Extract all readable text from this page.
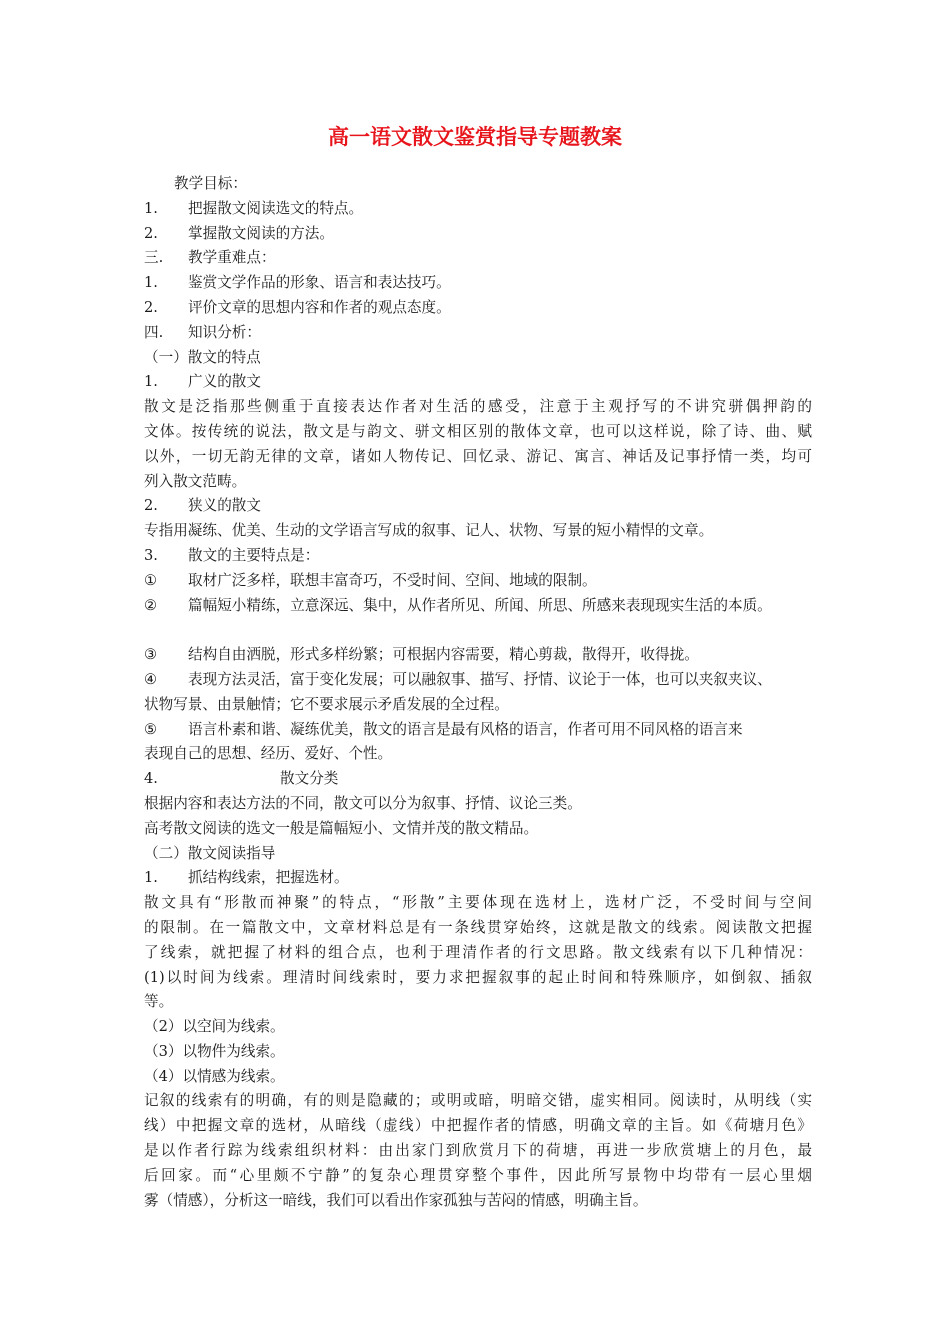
高一语文散文鉴赏指导专题教案
教学目标：
1. 把握散文阅读选文的特点。
2. 掌握散文阅读的方法。
三. 教学重难点：
1. 鉴赏文学作品的形象、语言和表达技巧。
2. 评价文章的思想内容和作者的观点态度。
四. 知识分析：
（一）散文的特点
1. 广义的散文
散文是泛指那些侧重于直接表达作者对生活的感受，注意于主观抒写的不讲究骈偶押韵的
文体。按传统的说法，散文是与韵文、骈文相区别的散体文章，也可以这样说，除了诗、曲、赋
以外，一切无韵无律的文章，诸如人物传记、回忆录、游记、寓言、神话及记事抒情一类，均可
列入散文范畴。
2. 狭义的散文
专指用凝练、优美、生动的文学语言写成的叙事、记人、状物、写景的短小精悍的文章。
3. 散文的主要特点是：
① 取材广泛多样，联想丰富奇巧，不受时间、空间、地域的限制。
② 篇幅短小精练，立意深远、集中，从作者所见、所闻、所思、所感来表现现实生活的本质。
③ 结构自由洒脱，形式多样纷繁；可根据内容需要，精心剪裁，散得开，收得拢。
④ 表现方法灵活，富于变化发展；可以融叙事、描写、抒情、议论于一体，也可以夹叙夹议、
状物写景、由景触情；它不要求展示矛盾发展的全过程。
⑤ 语言朴素和谐、凝练优美，散文的语言是最有风格的语言，作者可用不同风格的语言来
表现自己的思想、经历、爱好、个性。
4.	散文分类
根据内容和表达方法的不同，散文可以分为叙事、抒情、议论三类。
高考散文阅读的选文一般是篇幅短小、文情并茂的散文精品。
（二）散文阅读指导
1. 抓结构线索，把握选材。
散文具有“形散而神聚”的特点，“形散”主要体现在选材上，选材广泛，不受时间与空间
的限制。在一篇散文中，文章材料总是有一条线贯穿始终，这就是散文的线索。阅读散文把握
了线索，就把握了材料的组合点，也利于理清作者的行文思路。散文线索有以下几种情况：
(1)以时间为线索。理清时间线索时，要力求把握叙事的起止时间和特殊顺序，如倒叙、插叙
等。
（2）以空间为线索。
（3）以物件为线索。
（4）以情感为线索。
记叙的线索有的明确，有的则是隐藏的；或明或暗，明暗交错，虚实相同。阅读时，从明线（实
线）中把握文章的选材，从暗线（虚线）中把握作者的情感，明确文章的主旨。如《荷塘月色》
是以作者行踪为线索组织材料：由出家门到欣赏月下的荷塘，再进一步欣赏塘上的月色，最
后回家。而“心里颇不宁静”的复杂心理贯穿整个事件，因此所写景物中均带有一层心里烟
雾（情感），分析这一暗线，我们可以看出作家孤独与苦闷的情感，明确主旨。
